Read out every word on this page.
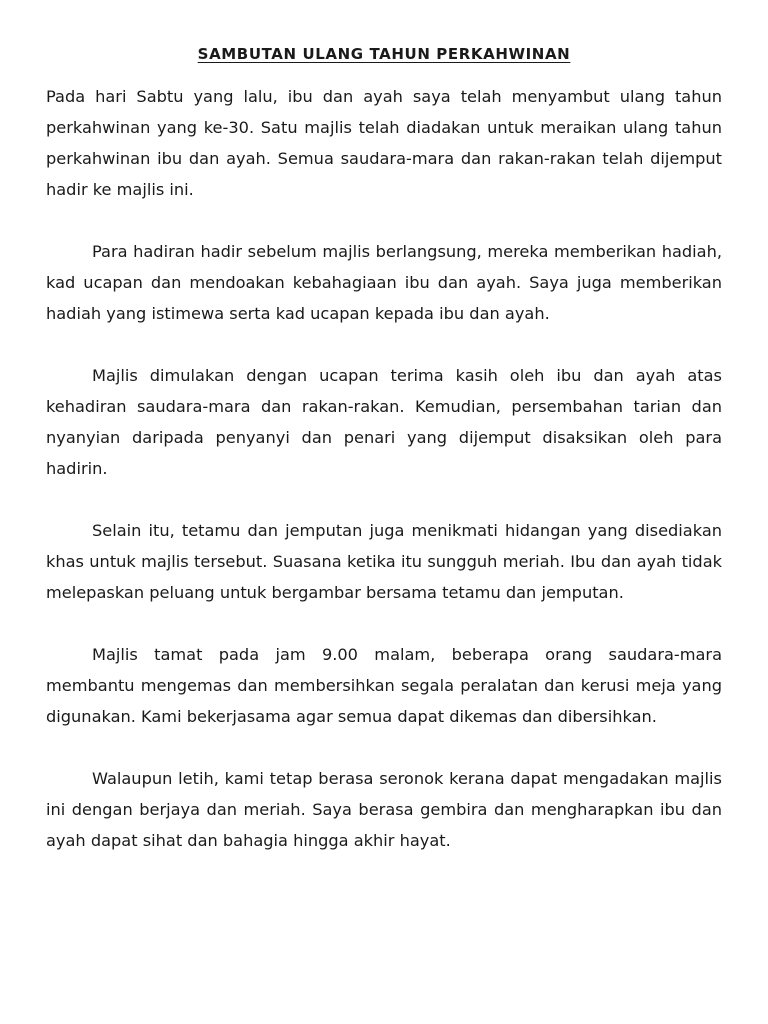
SAMBUTAN ULANG TAHUN PERKAHWINAN

Pada hari Sabtu yang lalu, ibu dan ayah saya telah menyambut ulang tahun perkahwinan yang ke-30. Satu majlis telah diadakan untuk meraikan ulang tahun perkahwinan ibu dan ayah. Semua saudara-mara dan rakan-rakan telah dijemput hadir ke majlis ini.

Para hadiran hadir sebelum majlis berlangsung, mereka memberikan hadiah, kad ucapan dan mendoakan kebahagiaan ibu dan ayah. Saya juga memberikan hadiah yang istimewa serta kad ucapan kepada ibu dan ayah.

Majlis dimulakan dengan ucapan terima kasih oleh ibu dan ayah atas kehadiran saudara-mara dan rakan-rakan. Kemudian, persembahan tarian dan nyanyian daripada penyanyi dan penari yang dijemput disaksikan oleh para hadirin.

Selain itu, tetamu dan jemputan juga menikmati hidangan yang disediakan khas untuk majlis tersebut. Suasana ketika itu sungguh meriah. Ibu dan ayah tidak melepaskan peluang untuk bergambar bersama tetamu dan jemputan.

Majlis tamat pada jam 9.00 malam, beberapa orang saudara-mara membantu mengemas dan membersihkan segala peralatan dan kerusi meja yang digunakan. Kami bekerjasama agar semua dapat dikemas dan dibersihkan.

Walaupun letih, kami tetap berasa seronok kerana dapat mengadakan majlis ini dengan berjaya dan meriah. Saya berasa gembira dan mengharapkan ibu dan ayah dapat sihat dan bahagia hingga akhir hayat.
